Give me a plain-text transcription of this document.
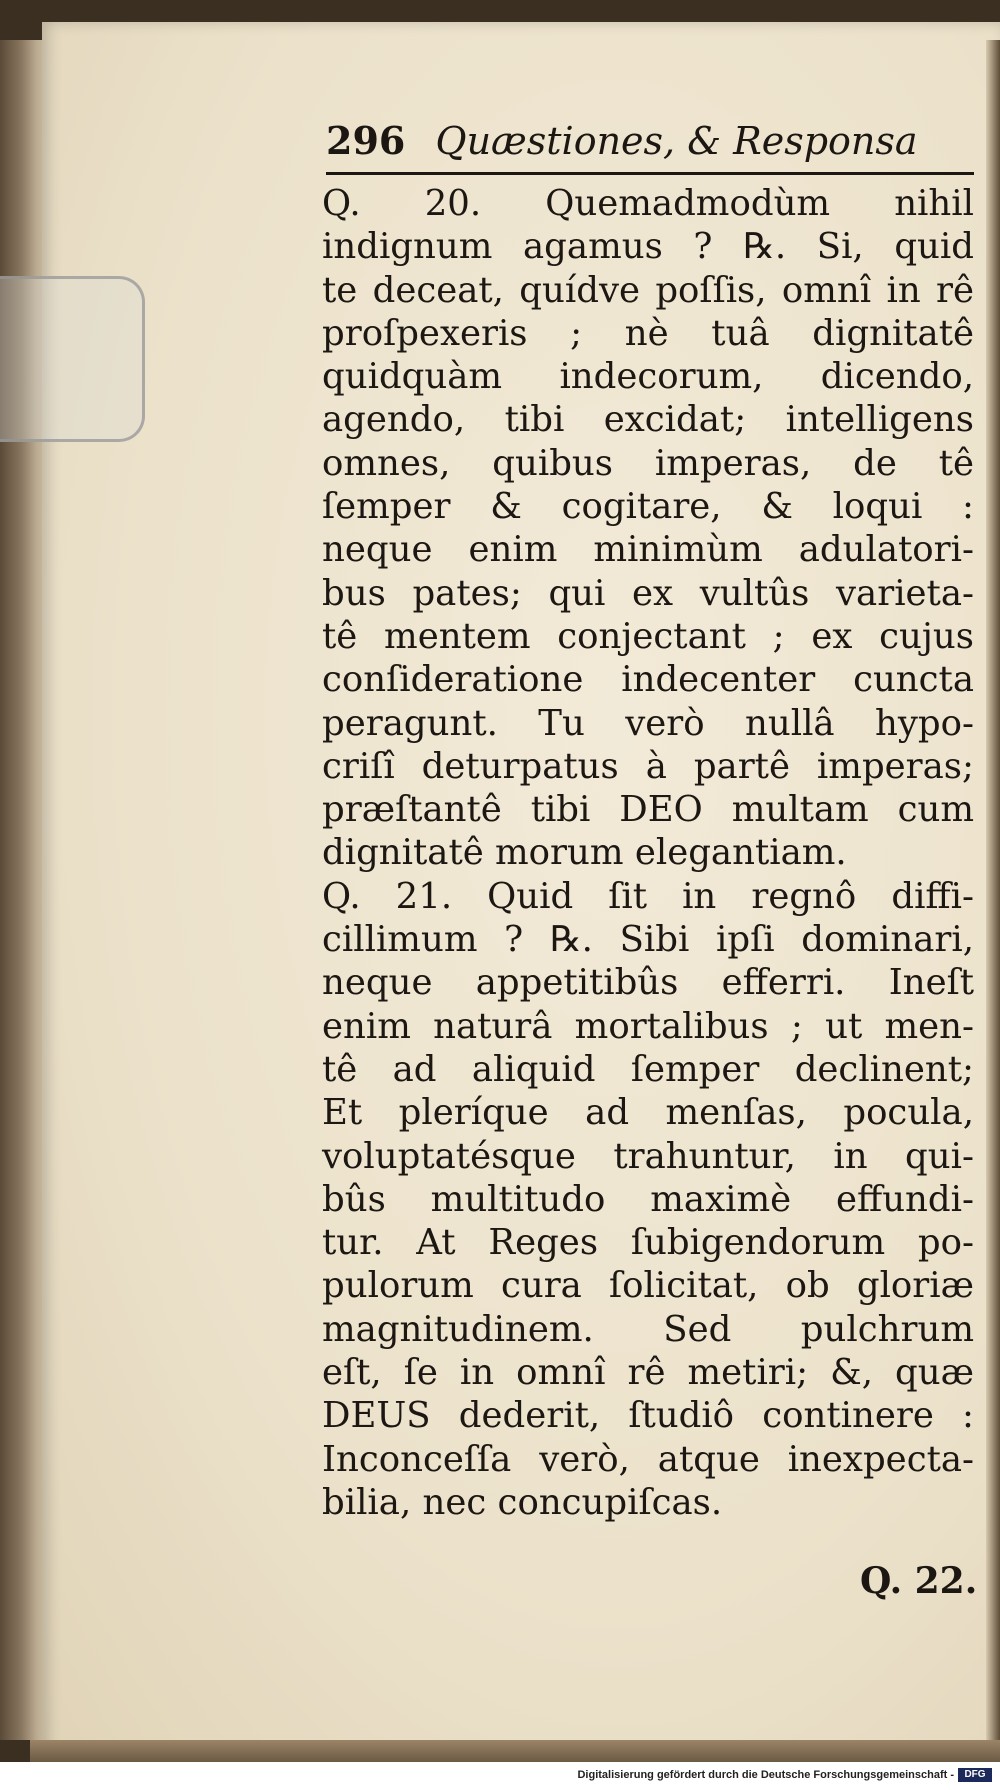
296 Quæstiones, & Responsa
Q. 20. Quemadmodùm nihil
indignum agamus ? ℞. Si, quid
te deceat, quídve poſſis, omnî in rê
proſpexeris ; nè tuâ dignitatê
quidquàm indecorum, dicendo,
agendo, tibi excidat; intelligens
omnes, quibus imperas, de tê
ſemper & cogitare, & loqui :
neque enim minimùm adulatori-
bus pates; qui ex vultûs varieta-
tê mentem conjectant ; ex cujus
conſideratione indecenter cuncta
peragunt. Tu verò nullâ hypo-
criſî deturpatus à partê imperas;
præſtantê tibi DEO multam cum
dignitatê morum elegantiam.
Q. 21. Quid ſit in regnô diffi-
cillimum ? ℞. Sibi ipſi dominari,
neque appetitibûs efferri. Ineſt
enim naturâ mortalibus ; ut men-
tê ad aliquid ſemper declinent;
Et pleríque ad menſas, pocula,
voluptatésque trahuntur, in qui-
bûs multitudo maximè effundi-
tur. At Reges ſubigendorum po-
pulorum cura ſolicitat, ob gloriæ
magnitudinem. Sed pulchrum
eſt, ſe in omnî rê metiri; &, quæ
DEUS dederit, ſtudiô continere :
Inconceſſa verò, atque inexpecta-
bilia, nec concupiſcas.
Q. 22.
Digitalisierung gefördert durch die Deutsche Forschungsgemeinschaft -	DFG
